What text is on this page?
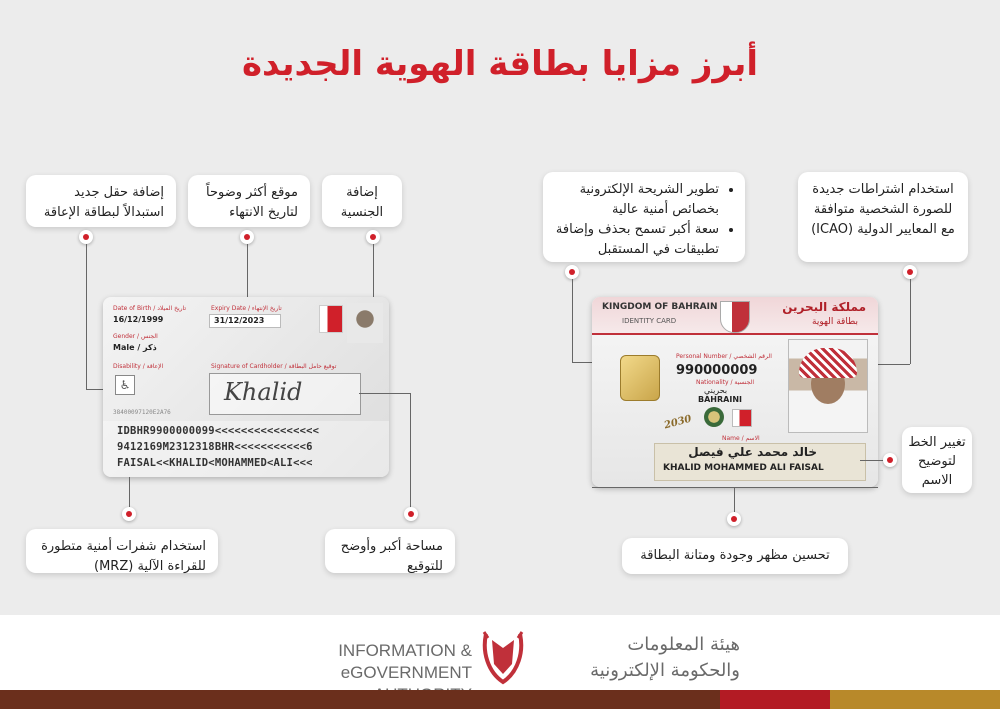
أبرز مزايا بطاقة الهوية الجديدة
إضافة حقل جديد استبدالاً لبطاقة الإعاقة
موقع أكثر وضوحاً لتاريخ الانتهاء
إضافة الجنسية
Date of Birth / تاريخ الميلاد
16/12/1999
Gender / الجنس
Male / ذكر
Disability / الإعاقة
♿
Expiry Date / تاريخ الإنتهاء
31/12/2023
Signature of Cardholder / توقيع حامل البطاقة
Khalid
38400097120E2A76
IDBHR9900000099<<<<<<<<<<<<<<<<
9412169M2312318BHR<<<<<<<<<<<6
FAISAL<<KHALID<MOHAMMED<ALI<<<
استخدام شفرات أمنية متطورة للقراءة الآلية (MRZ)
مساحة أكبر وأوضح للتوقيع
• تطوير الشريحة الإلكترونية بخصائص أمنية عالية
• سعة أكبر تسمح بحذف وإضافة تطبيقات في المستقبل
استخدام اشتراطات جديدة للصورة الشخصية متوافقة مع المعايير الدولية (ICAO)
KINGDOM OF BAHRAIN
IDENTITY CARD
مملكة البحرين
بطاقة الهوية
Personal Number / الرقم الشخصي
990000009
Nationality / الجنسية
بحريني
BAHRAINI
2030
Name / الاسم
خالد محمد علي فيصل
KHALID MOHAMMED ALI FAISAL
تغيير الخط لتوضيح الاسم
تحسين مظهر وجودة ومتانة البطاقة
INFORMATION &
eGOVERNMENT
هيئة المعلومات
والحكومة الإلكترونية
